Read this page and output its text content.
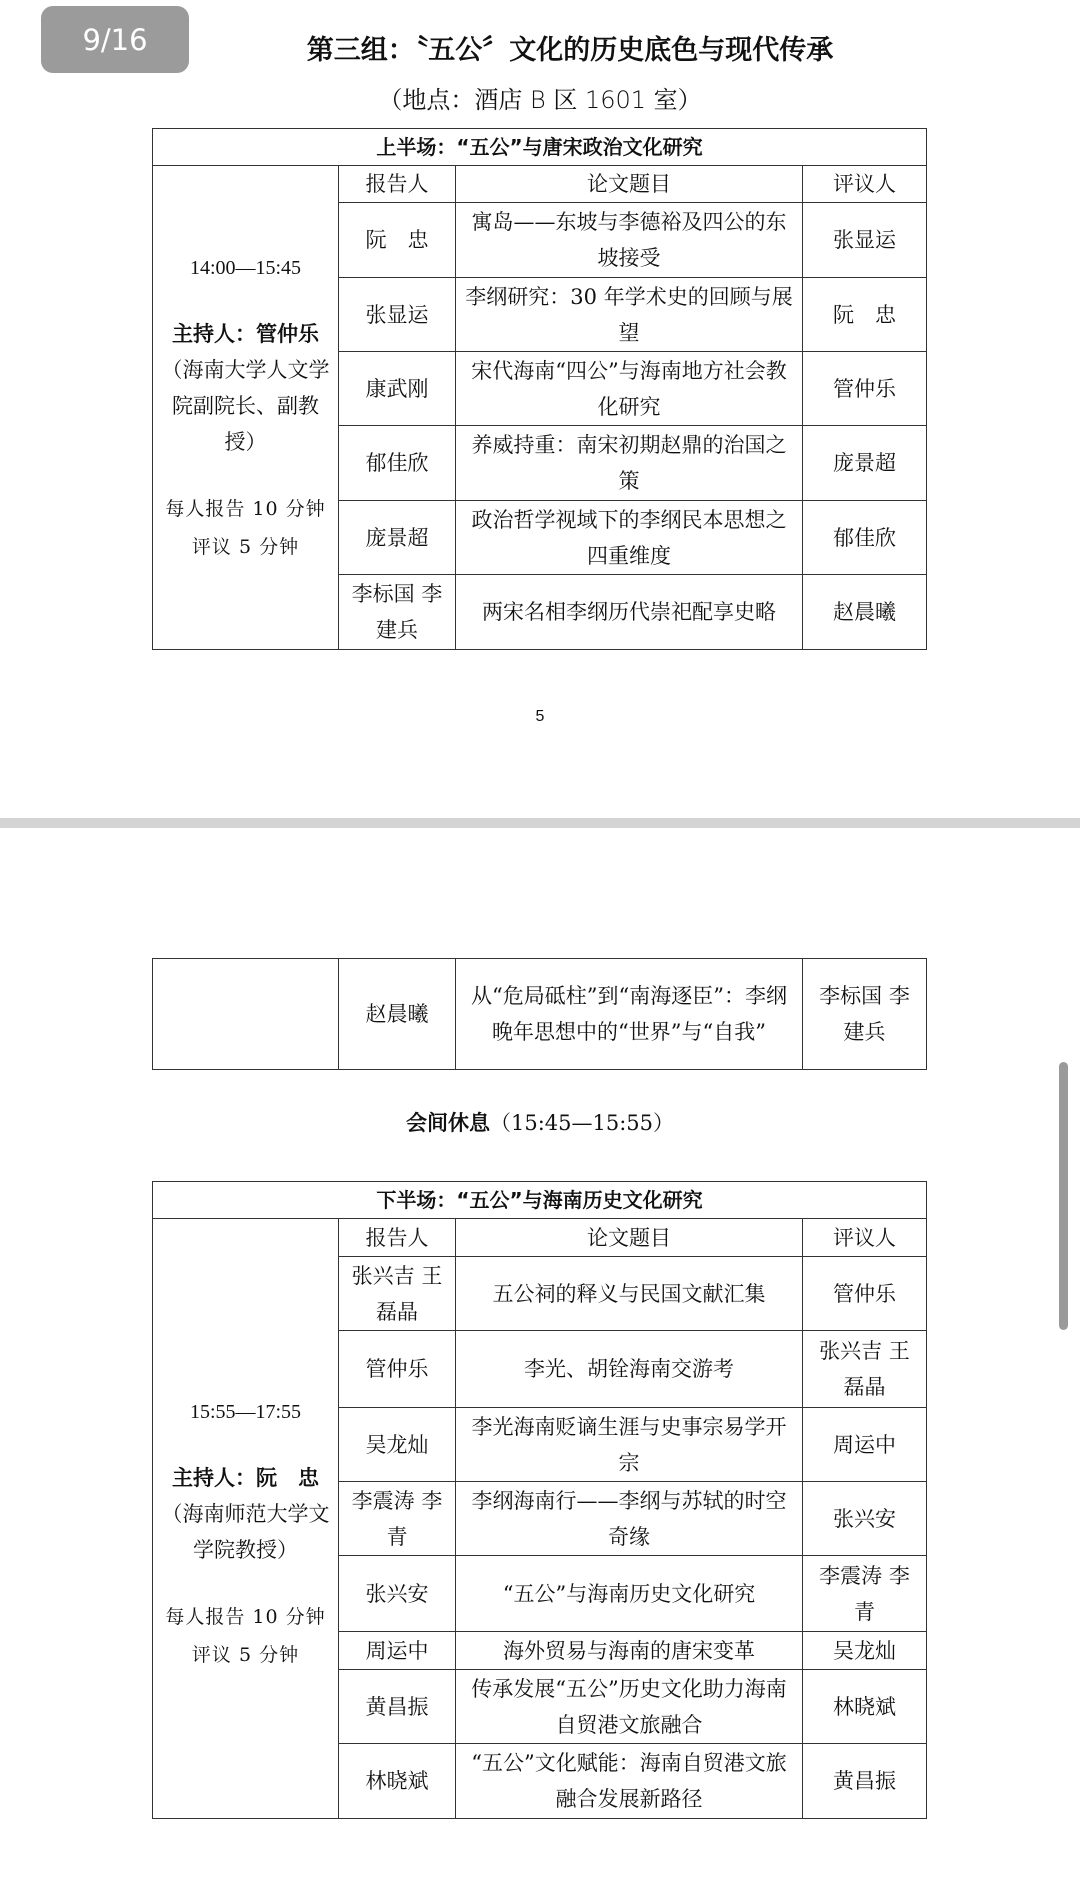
9/16	第三组：〝五公〞文化的历史底色与现代传承
（地点：酒店 B 区 1601 室）
上半场：“五公”与唐宋政治文化研究			

14:00—15:45
主持人：管仲乐
（海南大学人文学院副院长、副教授）
每人报告 10 分钟
评议 5 分钟	报告人	论文题目	评议人
	阮　忠	寓岛——东坡与李德裕及四公的东坡接受	张显运
	张显运	李纲研究：30 年学术史的回顾与展望	阮　忠
	康武刚	宋代海南“四公”与海南地方社会教化研究	管仲乐
	郁佳欣	养威持重：南宋初期赵鼎的治国之策	庞景超
	庞景超	政治哲学视域下的李纲民本思想之四重维度	郁佳欣
	李标国 李建兵	两宋名相李纲历代崇祀配享史略	赵晨曦
5
	赵晨曦	从“危局砥柱”到“南海逐臣”：李纲晚年思想中的“世界”与“自我”	李标国 李建兵
会间休息（15:45—15:55）
下半场：“五公”与海南历史文化研究			

15:55—17:55
主持人：阮　忠
（海南师范大学文学院教授）
每人报告 10 分钟
评议 5 分钟	报告人	论文题目	评议人
	张兴吉 王磊晶	五公祠的释义与民国文献汇集	管仲乐
	管仲乐	李光、胡铨海南交游考	张兴吉 王磊晶
	吴龙灿	李光海南贬谪生涯与史事宗易学开宗	周运中
	李震涛 李　青	李纲海南行——李纲与苏轼的时空奇缘	张兴安
	张兴安	“五公”与海南历史文化研究	李震涛 李　青
	周运中	海外贸易与海南的唐宋变革	吴龙灿
	黄昌振	传承发展“五公”历史文化助力海南自贸港文旅融合	林晓斌
	林晓斌	“五公”文化赋能：海南自贸港文旅融合发展新路径	黄昌振
